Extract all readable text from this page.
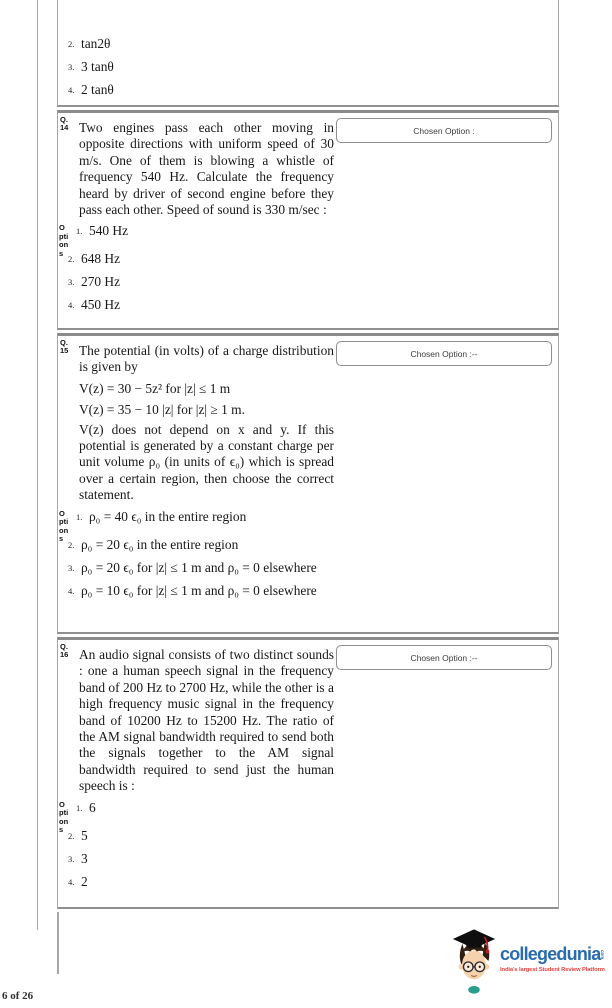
2. tan2θ
3. 3 tanθ
4. 2 tanθ
Q.
14	Chosen Option :

Two engines pass each other moving in opposite directions with uniform speed of 30 m/s. One of them is blowing a whistle of frequency 540 Hz. Calculate the frequency heard by driver of second engine before they pass each other. Speed of sound is 330 m/sec :

Options
1. 540 Hz
2. 648 Hz
3. 270 Hz
4. 450 Hz
Q.
15	Chosen Option :--

The potential (in volts) of a charge distribution is given by

V(z) = 30 − 5z² for |z| ≤ 1 m

V(z) = 35 − 10 |z| for |z| ≥ 1 m.

V(z) does not depend on x and y. If this potential is generated by a constant charge per unit volume ρ₀ (in units of ϵ₀) which is spread over a certain region, then choose the correct statement.

Options
1. ρ₀ = 40 ϵ₀ in the entire region
2. ρ₀ = 20 ϵ₀ in the entire region
3. ρ₀ = 20 ϵ₀ for |z| ≤ 1 m and ρ₀ = 0 elsewhere
4. ρ₀ = 10 ϵ₀ for |z| ≤ 1 m and ρ₀ = 0 elsewhere
Q.
16	Chosen Option :--

An audio signal consists of two distinct sounds : one a human speech signal in the frequency band of 200 Hz to 2700 Hz, while the other is a high frequency music signal in the frequency band of 10200 Hz to 15200 Hz. The ratio of the AM signal bandwidth required to send both the signals together to the AM signal bandwidth required to send just the human speech is :

Options
1. 6
2. 5
3. 3
4. 2
6 of 26
collegeduniacom
India's largest Student Review Platform
